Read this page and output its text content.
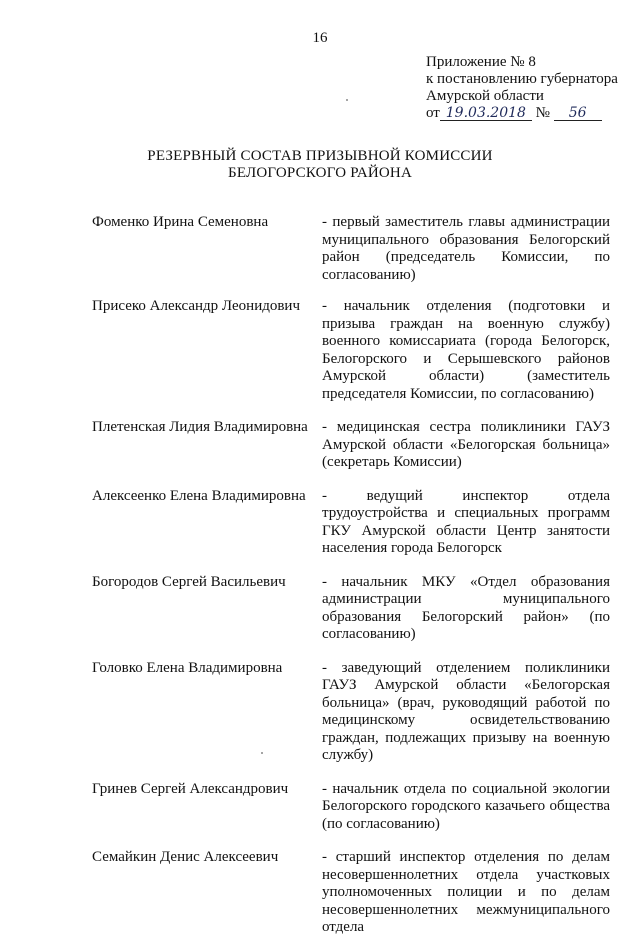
16
Приложение № 8
к постановлению губернатора
Амурской области
от 19.03.2018 № 56
РЕЗЕРВНЫЙ СОСТАВ ПРИЗЫВНОЙ КОМИССИИ
БЕЛОГОРСКОГО РАЙОНА
Фоменко Ирина Семеновна	- первый заместитель главы администрации муниципального образования Белогорский район (председатель Комиссии, по согласованию)
Присеко Александр Леонидович	- начальник отделения (подготовки и призыва граждан на военную службу) военного комиссариата (города Белогорск, Белогорского и Серышевского районов Амурской области) (заместитель председателя Комиссии, по согласованию)
Плетенская Лидия Владимировна - медицинская сестра поликлиники ГАУЗ Амурской области «Белогорская больница» (секретарь Комиссии)
Алексеенко Елена Владимировна	- ведущий инспектор отдела трудоустройства и специальных программ ГКУ Амурской области Центр занятости населения города Белогорск
Богородов Сергей Васильевич	- начальник МКУ «Отдел образования администрации муниципального образования Белогорский район» (по согласованию)
Головко Елена Владимировна	- заведующий отделением поликлиники ГАУЗ Амурской области «Белогорская больница» (врач, руководящий работой по медицинскому освидетельствованию граждан, подлежащих призыву на военную службу)
Гринев Сергей Александрович	- начальник отдела по социальной экологии Белогорского городского казачьего общества (по согласованию)
Семайкин Денис Алексеевич	- старший инспектор отделения по делам несовершеннолетних отдела участковых уполномоченных полиции и по делам несовершеннолетних межмуниципального отдела
